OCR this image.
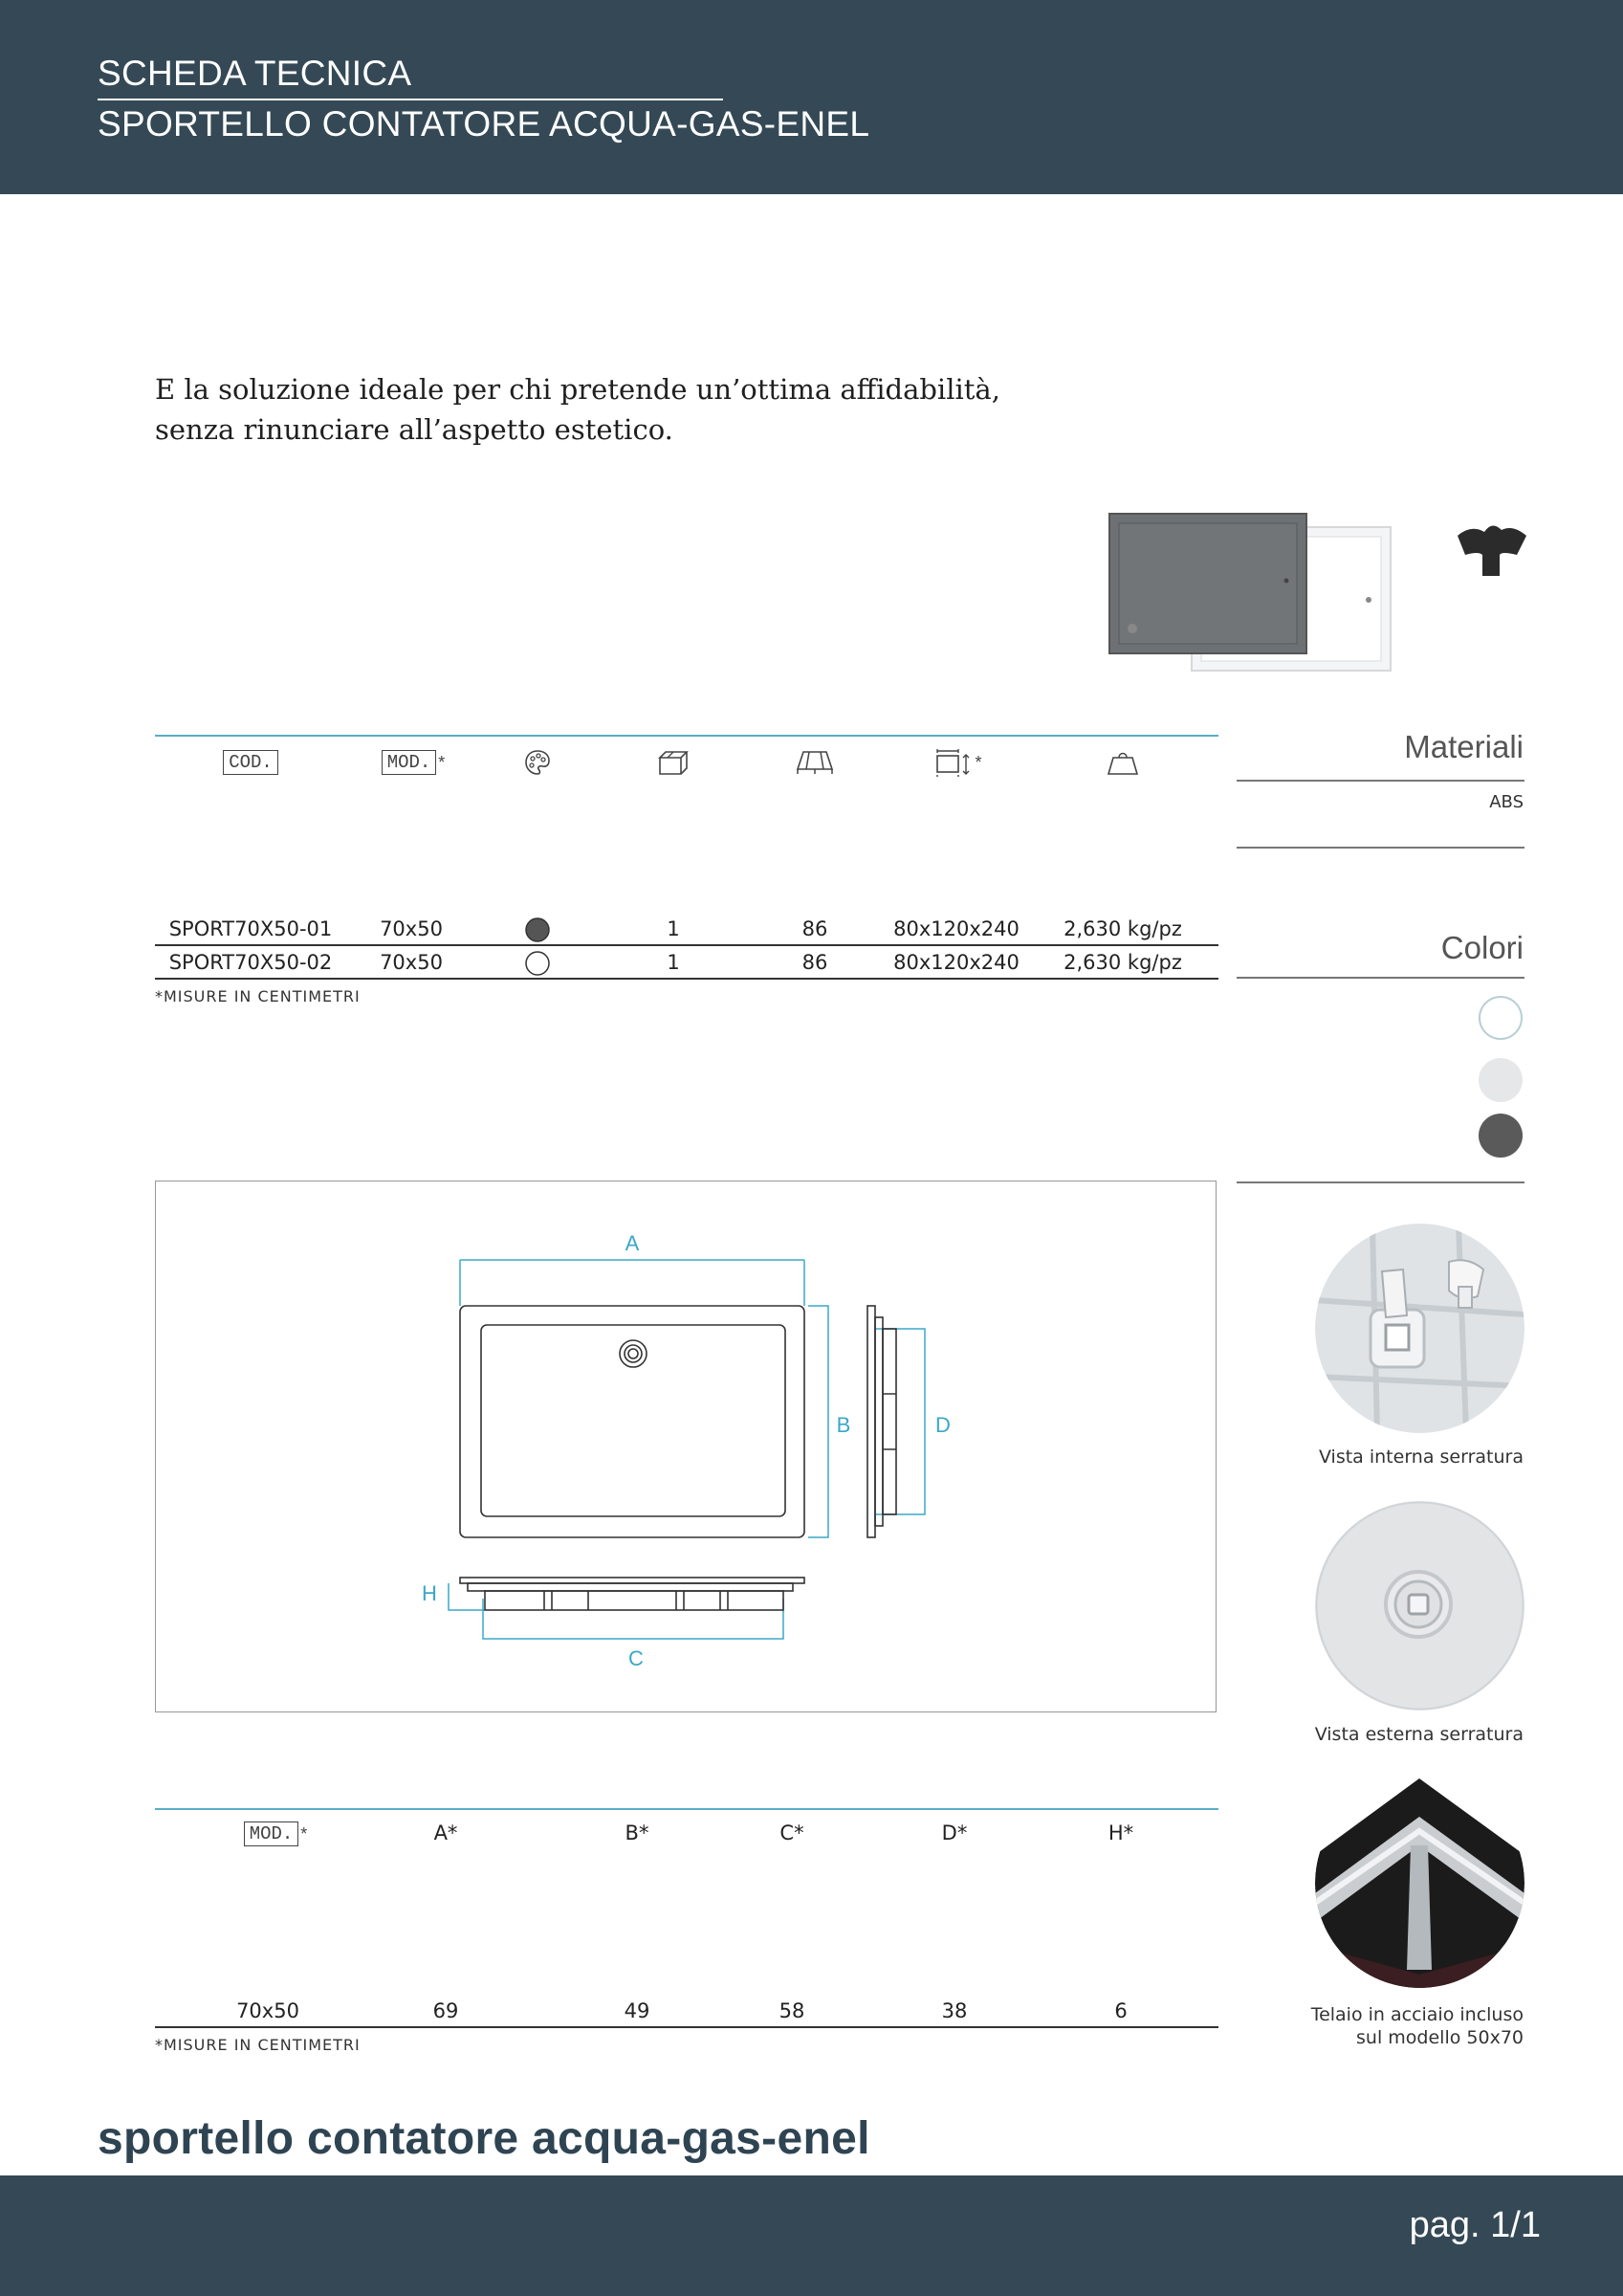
SCHEDA TECNICA
SPORTELLO CONTATORE ACQUA-GAS-ENEL
E la soluzione ideale per chi pretende un’ottima affidabilità,
senza rinunciare all’aspetto estetico.
COD.	MOD. *	*
SPORT70X50-01	70x50	1	86	80x120x240	2,630 kg/pz
SPORT70X50-02	70x50	1	86	80x120x240	2,630 kg/pz
*MISURE IN CENTIMETRI
Materiali
ABS
Colori
Vista interna serratura
Vista esterna serratura
Telaio in acciaio incluso
sul modello 50x70
A
B	D
H
C
MOD. *	A*	B*	C*	D*	H*
70x50	69	49	58	38	6
*MISURE IN CENTIMETRI
sportello contatore acqua-gas-enel
pag. 1/1
